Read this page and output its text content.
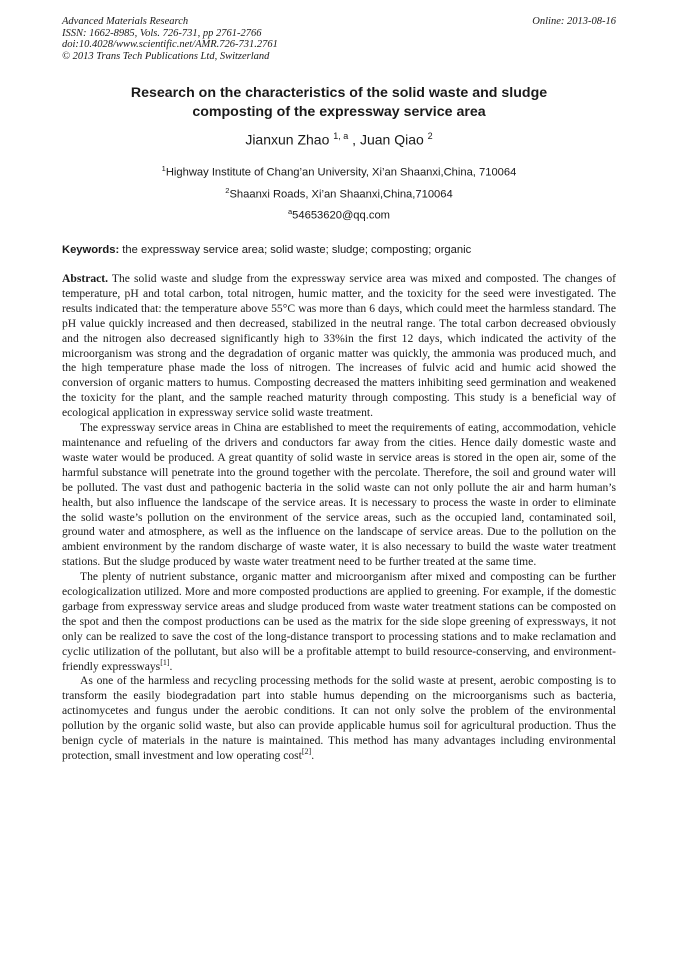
Advanced Materials Research
ISSN: 1662-8985, Vols. 726-731, pp 2761-2766
doi:10.4028/www.scientific.net/AMR.726-731.2761
© 2013 Trans Tech Publications Ltd, Switzerland
Online: 2013-08-16
Research on the characteristics of the solid waste and sludge
composting of the expressway service area
Jianxun Zhao $^{1, a}$ , Juan Qiao $^2$
$^1$Highway Institute of Chang’an University, Xi’an Shaanxi,China, 710064
$^2$Shaanxi Roads, Xi’an Shaanxi,China,710064
$^a$54653620@qq.com
Keywords: the expressway service area; solid waste; sludge; composting; organic

Abstract. The solid waste and sludge from the expressway service area was mixed and composted. The changes of temperature, pH and total carbon, total nitrogen, humic matter, and the toxicity for the seed were investigated. The results indicated that: the temperature above 55°C was more than 6 days, which could meet the harmless standard. The pH value quickly increased and then decreased, stabilized in the neutral range. The total carbon decreased obviously and the nitrogen also decreased significantly high to 33%in the first 12 days, which indicated the activity of the microorganism was strong and the degradation of organic matter was quickly, the ammonia was produced much, and the high temperature phase made the loss of nitrogen. The increases of fulvic acid and humic acid showed the conversion of organic matters to humus. Composting decreased the matters inhibiting seed germination and weakened the toxicity for the plant, and the sample reached maturity through composting. This study is a beneficial way of ecological application in expressway service solid waste treatment.

The expressway service areas in China are established to meet the requirements of eating, accommodation, vehicle maintenance and refueling of the drivers and conductors far away from the cities. Hence daily domestic waste and waste water would be produced. A great quantity of solid waste in service areas is stored in the open air, some of the harmful substance will penetrate into the ground together with the percolate. Therefore, the soil and ground water will be polluted. The vast dust and pathogenic bacteria in the solid waste can not only pollute the air and harm human’s health, but also influence the landscape of the service areas. It is necessary to process the waste in order to eliminate the solid waste’s pollution on the environment of the service areas, such as the occupied land, contaminated soil, ground water and atmosphere, as well as the influence on the landscape of service areas. Due to the pollution on the ambient environment by the random discharge of waste water, it is also necessary to build the waste water treatment stations. But the sludge produced by waste water treatment need to be further treated at the same time.

The plenty of nutrient substance, organic matter and microorganism after mixed and composting can be further ecologicalization utilized. More and more composted productions are applied to greening. For example, if the domestic garbage from expressway service areas and sludge produced from waste water treatment stations can be composted on the spot and then the compost productions can be used as the matrix for the side slope greening of expressways, it not only can be realized to save the cost of the long-distance transport to processing stations and to make reclamation and cyclic utilization of the pollutant, but also will be a profitable attempt to build resource-conserving, and environment-friendly expressways[1].

As one of the harmless and recycling processing methods for the solid waste at present, aerobic composting is to transform the easily biodegradation part into stable humus depending on the microorganisms such as bacteria, actinomycetes and fungus under the aerobic conditions. It can not only solve the problem of the environmental pollution by the organic solid waste, but also can provide applicable humus soil for agricultural production. Thus the benign cycle of materials in the nature is maintained. This method has many advantages including environmental protection, small investment and low operating cost[2].
